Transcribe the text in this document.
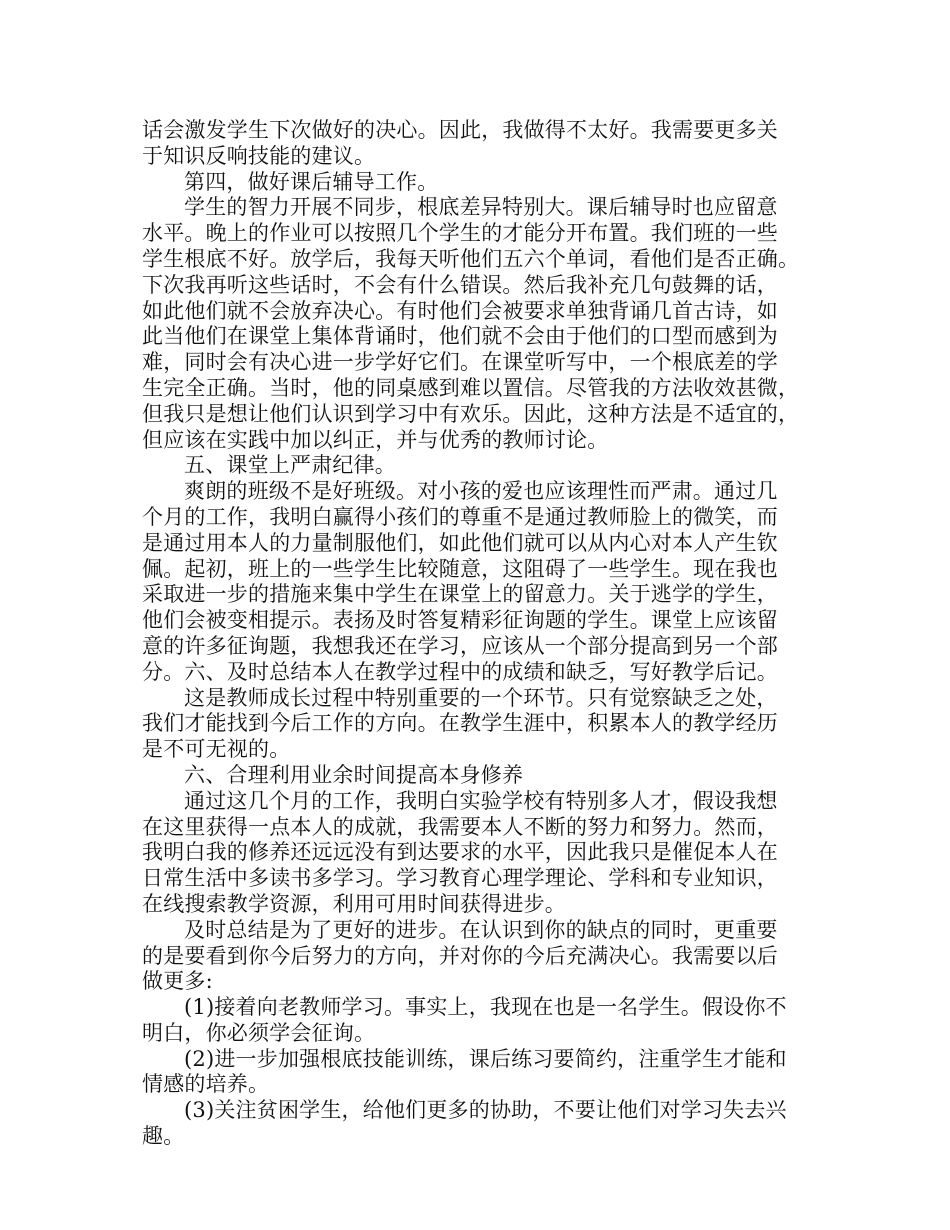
话会激发学生下次做好的决心。因此，我做得不太好。我需要更多关
于知识反响技能的建议。
第四，做好课后辅导工作。
学生的智力开展不同步，根底差异特别大。课后辅导时也应留意
水平。晚上的作业可以按照几个学生的才能分开布置。我们班的一些
学生根底不好。放学后，我每天听他们五六个单词，看他们是否正确。
下次我再听这些话时，不会有什么错误。然后我补充几句鼓舞的话，
如此他们就不会放弃决心。有时他们会被要求单独背诵几首古诗，如
此当他们在课堂上集体背诵时，他们就不会由于他们的口型而感到为
难，同时会有决心进一步学好它们。在课堂听写中，一个根底差的学
生完全正确。当时，他的同桌感到难以置信。尽管我的方法收效甚微，
但我只是想让他们认识到学习中有欢乐。因此，这种方法是不适宜的，
但应该在实践中加以纠正，并与优秀的教师讨论。
五、课堂上严肃纪律。
爽朗的班级不是好班级。对小孩的爱也应该理性而严肃。通过几
个月的工作，我明白赢得小孩们的尊重不是通过教师脸上的微笑，而
是通过用本人的力量制服他们，如此他们就可以从内心对本人产生钦
佩。起初，班上的一些学生比较随意，这阻碍了一些学生。现在我也
采取进一步的措施来集中学生在课堂上的留意力。关于逃学的学生，
他们会被变相提示。表扬及时答复精彩征询题的学生。课堂上应该留
意的许多征询题，我想我还在学习，应该从一个部分提高到另一个部
分。六、及时总结本人在教学过程中的成绩和缺乏，写好教学后记。
这是教师成长过程中特别重要的一个环节。只有觉察缺乏之处，
我们才能找到今后工作的方向。在教学生涯中，积累本人的教学经历
是不可无视的。
六、合理利用业余时间提高本身修养
通过这几个月的工作，我明白实验学校有特别多人才，假设我想
在这里获得一点本人的成就，我需要本人不断的努力和努力。然而，
我明白我的修养还远远没有到达要求的水平，因此我只是催促本人在
日常生活中多读书多学习。学习教育心理学理论、学科和专业知识，
在线搜索教学资源，利用可用时间获得进步。
及时总结是为了更好的进步。在认识到你的缺点的同时，更重要
的是要看到你今后努力的方向，并对你的今后充满决心。我需要以后
做更多:
(1)接着向老教师学习。事实上，我现在也是一名学生。假设你不
明白，你必须学会征询。
(2)进一步加强根底技能训练，课后练习要简约，注重学生才能和
情感的培养。
(3)关注贫困学生，给他们更多的协助，不要让他们对学习失去兴
趣。
